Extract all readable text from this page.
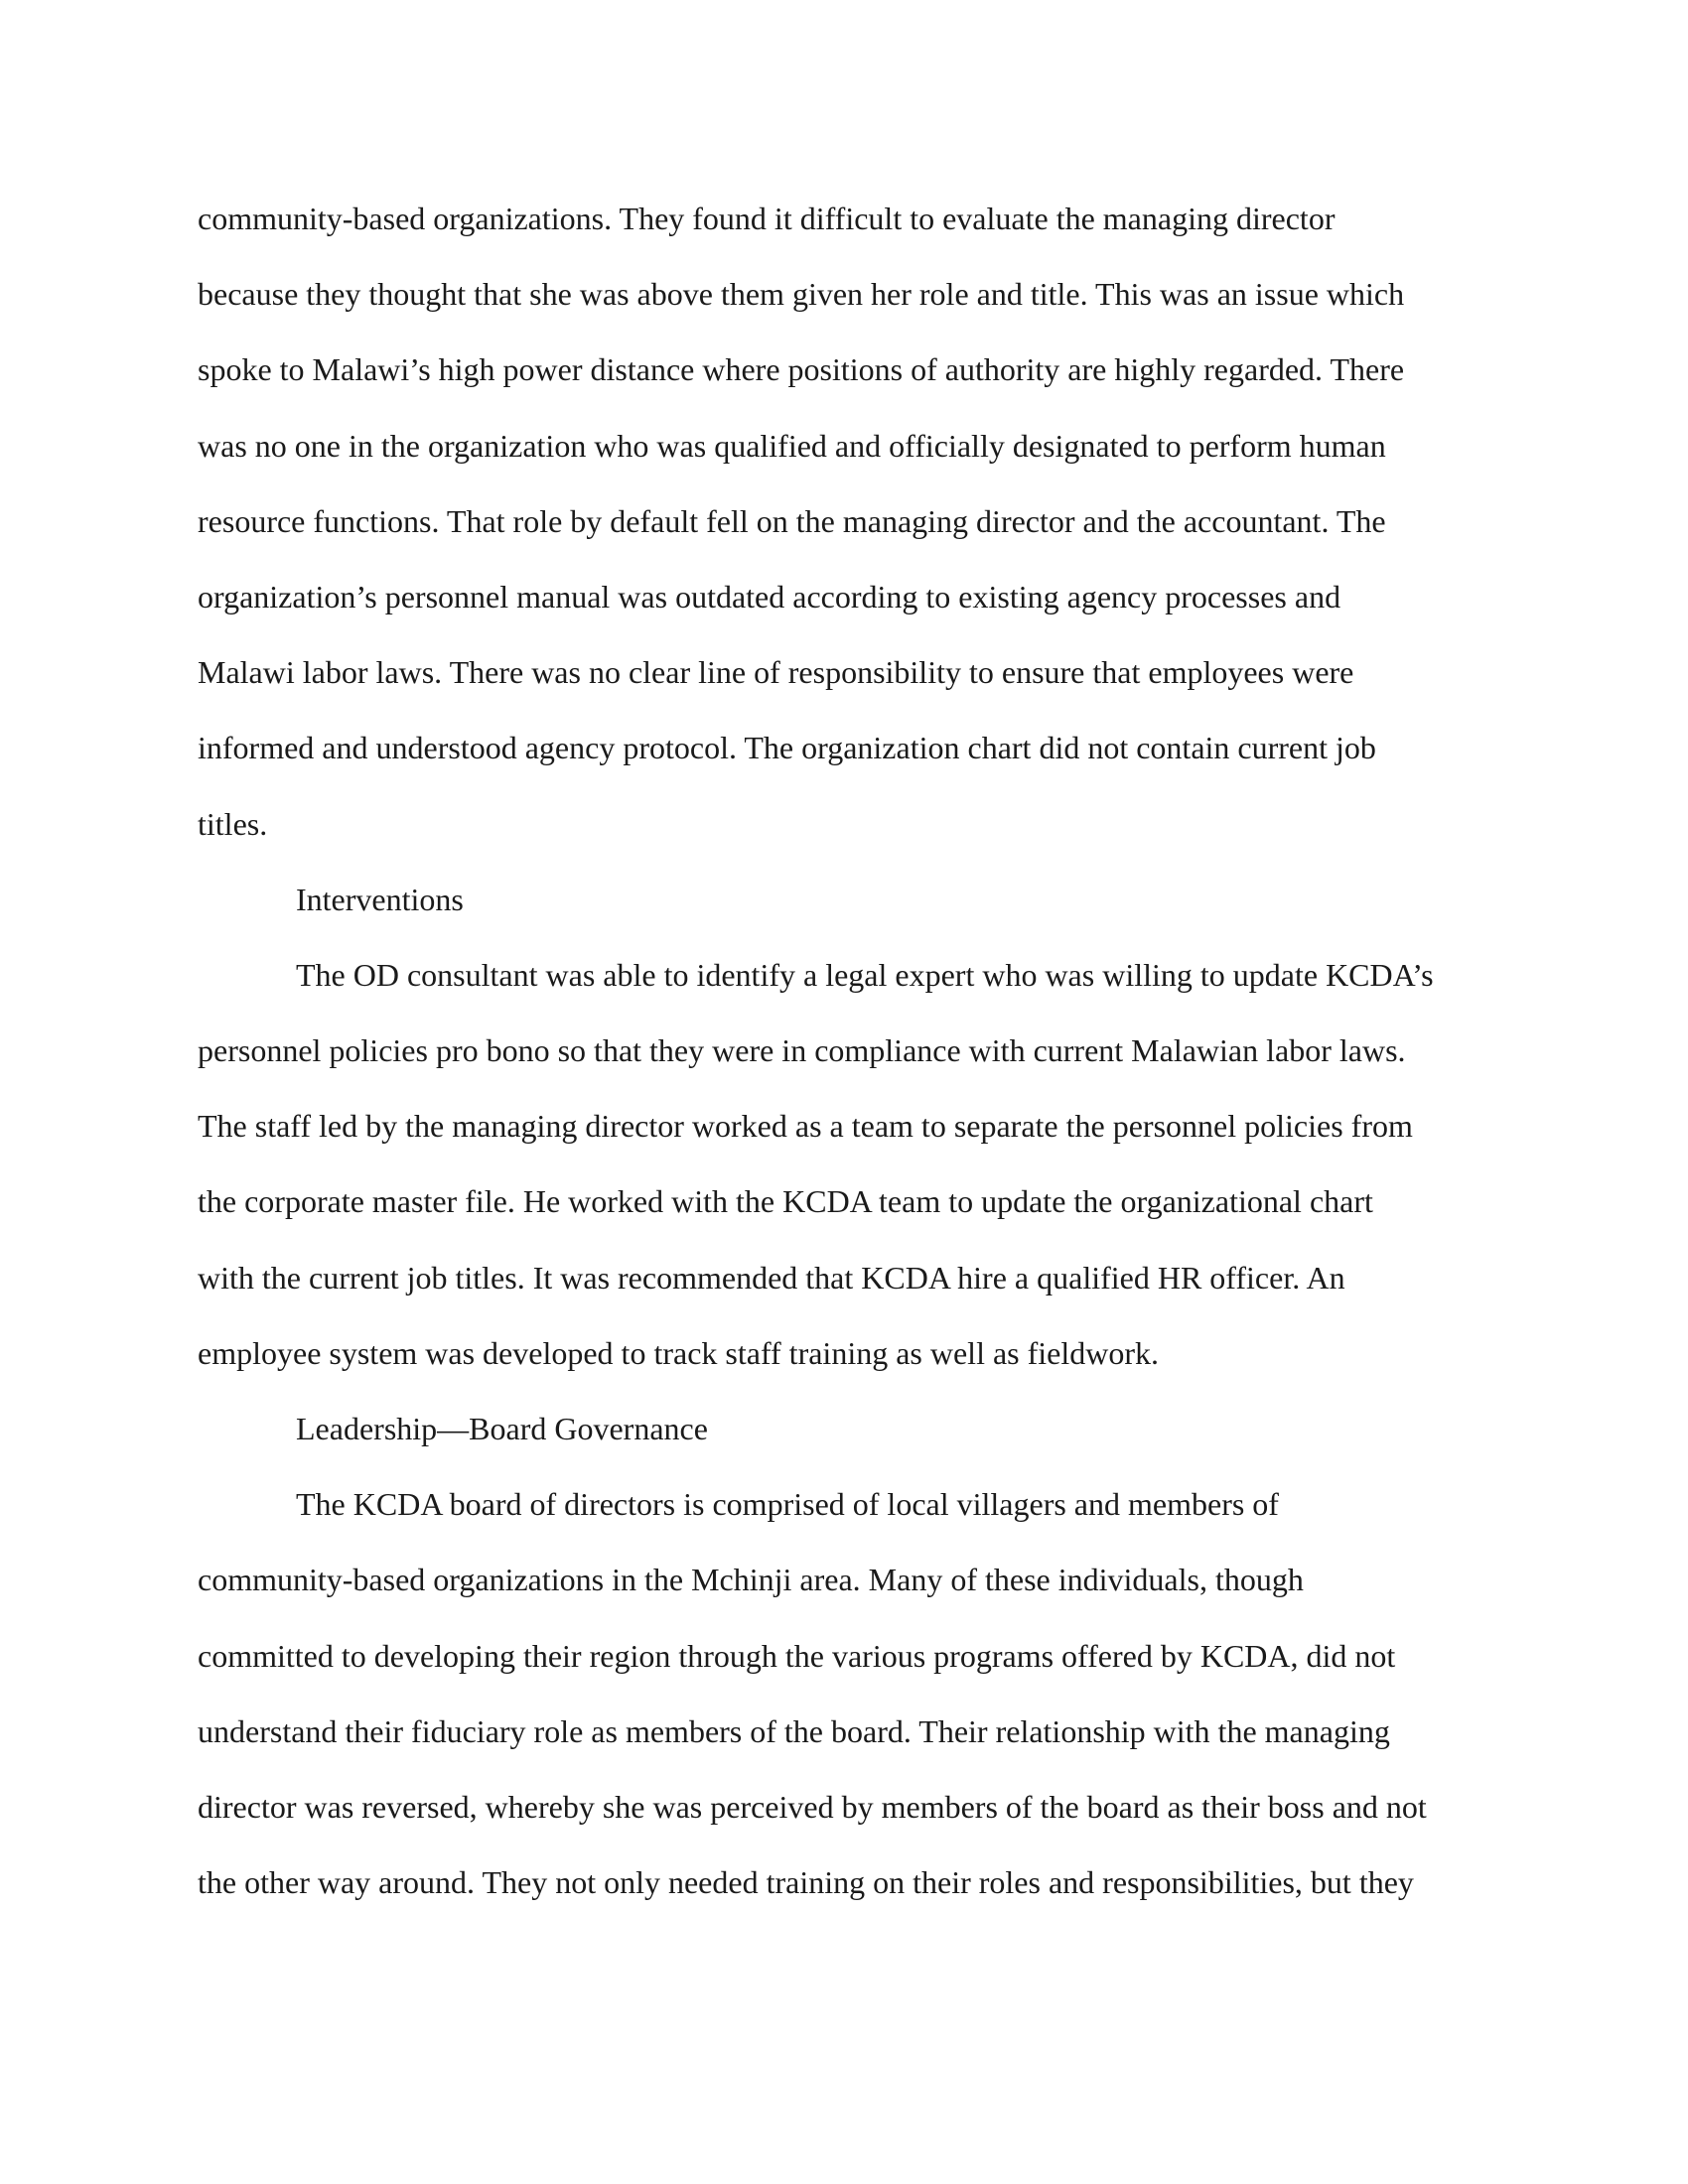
community-based organizations. They found it difficult to evaluate the managing director
because they thought that she was above them given her role and title. This was an issue which
spoke to Malawi’s high power distance where positions of authority are highly regarded. There
was no one in the organization who was qualified and officially designated to perform human
resource functions. That role by default fell on the managing director and the accountant. The
organization’s personnel manual was outdated according to existing agency processes and
Malawi labor laws. There was no clear line of responsibility to ensure that employees were
informed and understood agency protocol. The organization chart did not contain current job
titles.
Interventions
The OD consultant was able to identify a legal expert who was willing to update KCDA’s
personnel policies pro bono so that they were in compliance with current Malawian labor laws.
The staff led by the managing director worked as a team to separate the personnel policies from
the corporate master file. He worked with the KCDA team to update the organizational chart
with the current job titles. It was recommended that KCDA hire a qualified HR officer. An
employee system was developed to track staff training as well as fieldwork.
Leadership—Board Governance
The KCDA board of directors is comprised of local villagers and members of
community-based organizations in the Mchinji area. Many of these individuals, though
committed to developing their region through the various programs offered by KCDA, did not
understand their fiduciary role as members of the board. Their relationship with the managing
director was reversed, whereby she was perceived by members of the board as their boss and not
the other way around. They not only needed training on their roles and responsibilities, but they
